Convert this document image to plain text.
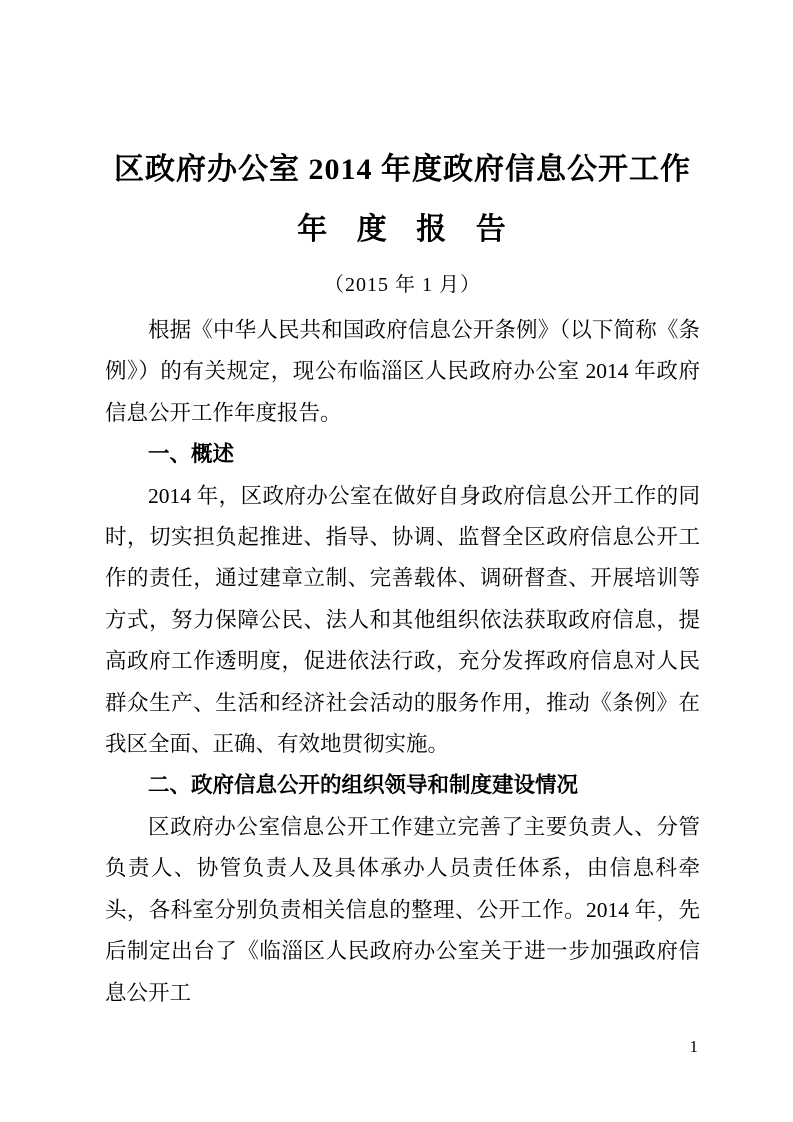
区政府办公室 2014 年度政府信息公开工作
年 度 报 告
（2015 年 1 月）

根据《中华人民共和国政府信息公开条例》（以下简称《条例》）的有关规定，现公布临淄区人民政府办公室 2014 年政府信息公开工作年度报告。

一、概述

2014 年，区政府办公室在做好自身政府信息公开工作的同时，切实担负起推进、指导、协调、监督全区政府信息公开工作的责任，通过建章立制、完善载体、调研督查、开展培训等方式，努力保障公民、法人和其他组织依法获取政府信息，提高政府工作透明度，促进依法行政，充分发挥政府信息对人民群众生产、生活和经济社会活动的服务作用，推动《条例》在我区全面、正确、有效地贯彻实施。

二、政府信息公开的组织领导和制度建设情况

区政府办公室信息公开工作建立完善了主要负责人、分管负责人、协管负责人及具体承办人员责任体系，由信息科牵头，各科室分别负责相关信息的整理、公开工作。2014 年，先后制定出台了《临淄区人民政府办公室关于进一步加强政府信息公开工

1
